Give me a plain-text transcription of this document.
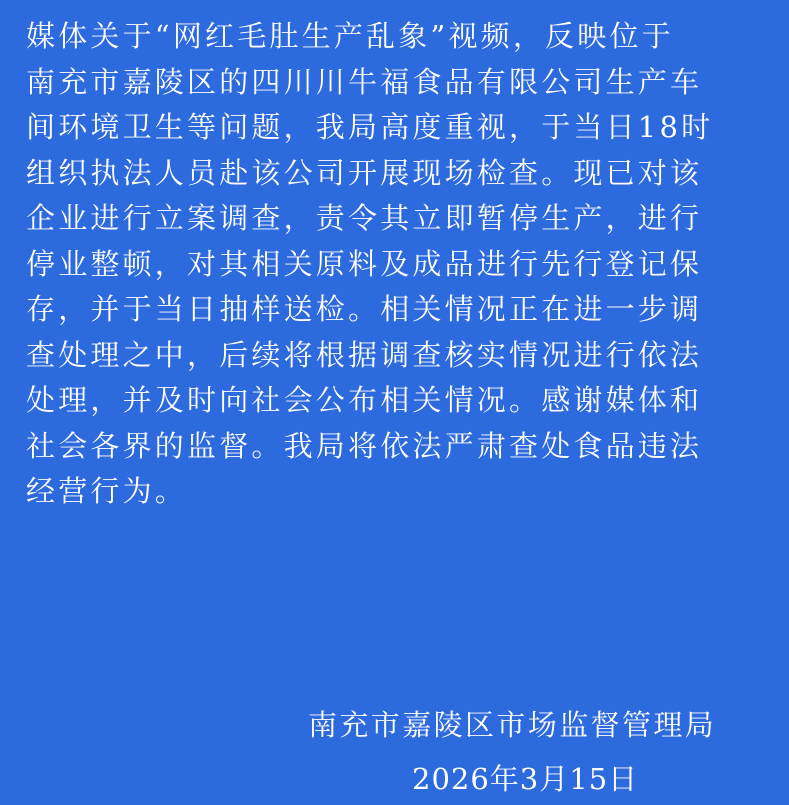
媒体关于“网红毛肚生产乱象”视频，反映位于
南充市嘉陵区的四川川牛福食品有限公司生产车
间环境卫生等问题，我局高度重视，于当日18时
组织执法人员赴该公司开展现场检查。现已对该
企业进行立案调查，责令其立即暂停生产，进行
停业整顿，对其相关原料及成品进行先行登记保
存，并于当日抽样送检。相关情况正在进一步调
查处理之中，后续将根据调查核实情况进行依法
处理，并及时向社会公布相关情况。感谢媒体和
社会各界的监督。我局将依法严肃查处食品违法
经营行为。
南充市嘉陵区市场监督管理局
2026年3月15日
